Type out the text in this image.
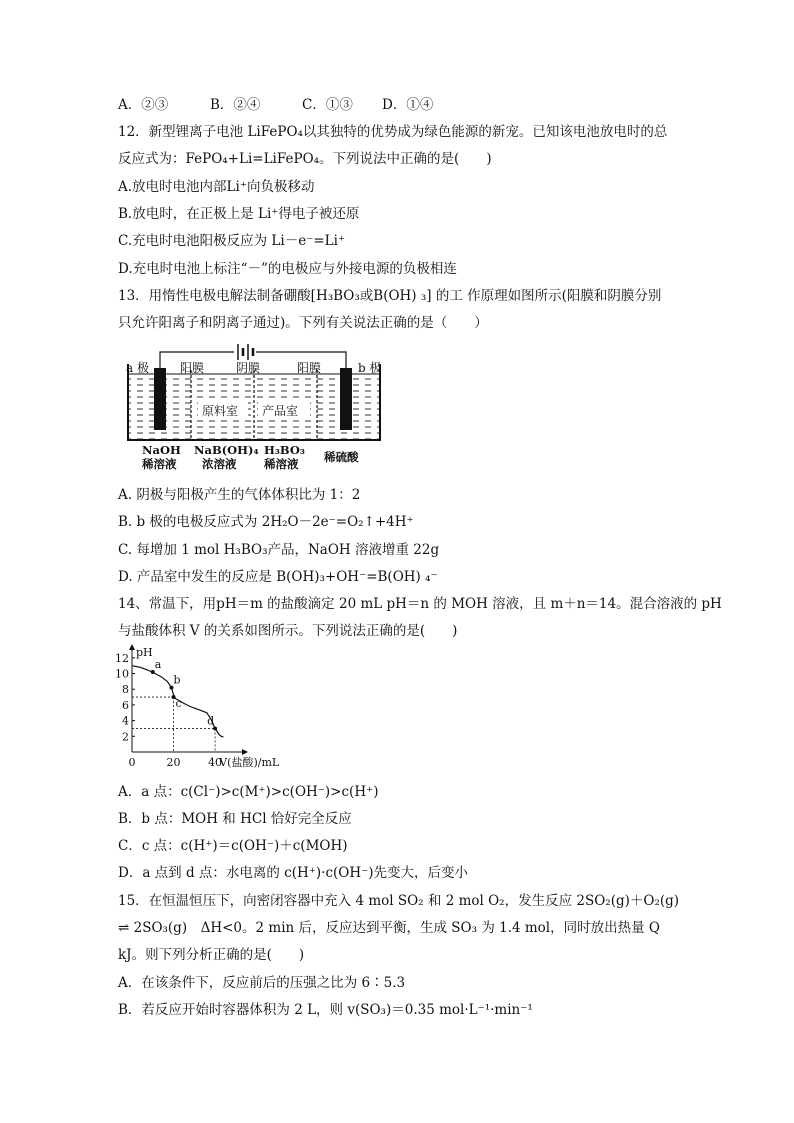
A．②③	B．②④	C．①③ D．①④
12．新型锂离子电池 LiFePO₄以其独特的优势成为绿色能源的新宠。已知该电池放电时的总
反应式为：FePO₄+Li=LiFePO₄。下列说法中正确的是(　　)
A.放电时电池内部Li⁺向负极移动
B.放电时，在正极上是 Li⁺得电子被还原
C.充电时电池阳极反应为 Li－e⁻=Li⁺
D.充电时电池上标注“－”的电极应与外接电源的负极相连
13．用惰性电极电解法制备硼酸[H₃BO₃或B(OH) ₃] 的工 作原理如图所示(阳膜和阴膜分别
只允许阳离子和阴离子通过)。下列有关说法正确的是（　　）
a 极	b 极
阳膜	阴膜	阳膜
原料室 产品室
NaOH
稀溶液
NaB(OH)₄
浓溶液
H₃BO₃
稀溶液 稀硫酸
A. 阴极与阳极产生的气体体积比为 1：2
B. b 极的电极反应式为 2H₂O－2e⁻=O₂↑+4H⁺
C. 每增加 1 mol H₃BO₃产品，NaOH 溶液增重 22g
D. 产品室中发生的反应是 B(OH)₃+OH⁻=B(OH) ₄⁻
14、常温下，用pH＝m 的盐酸滴定 20 mL pH＝n 的 MOH 溶液，且 m＋n＝14。混合溶液的 pH
与盐酸体积 V 的关系如图所示。下列说法正确的是(　　)
2
4
6
8
10
12
20	40
0	V(盐酸)/mL
pH
a
b
c
d
A．a 点：c(Cl⁻)>c(M⁺)>c(OH⁻)>c(H⁺)
B．b 点：MOH 和 HCl 恰好完全反应
C．c 点：c(H⁺)＝c(OH⁻)＋c(MOH)
D．a 点到 d 点：水电离的 c(H⁺)·c(OH⁻)先变大，后变小
15．在恒温恒压下，向密闭容器中充入 4 mol SO₂ 和 2 mol O₂，发生反应 2SO₂(g)＋O₂(g)
⇌ 2SO₃(g)　ΔH<0。2 min 后，反应达到平衡，生成 SO₃ 为 1.4 mol，同时放出热量 Q
kJ。则下列分析正确的是(　　)
A．在该条件下，反应前后的压强之比为 6∶5.3
B．若反应开始时容器体积为 2 L，则 v(SO₃)＝0.35 mol·L⁻¹·min⁻¹
